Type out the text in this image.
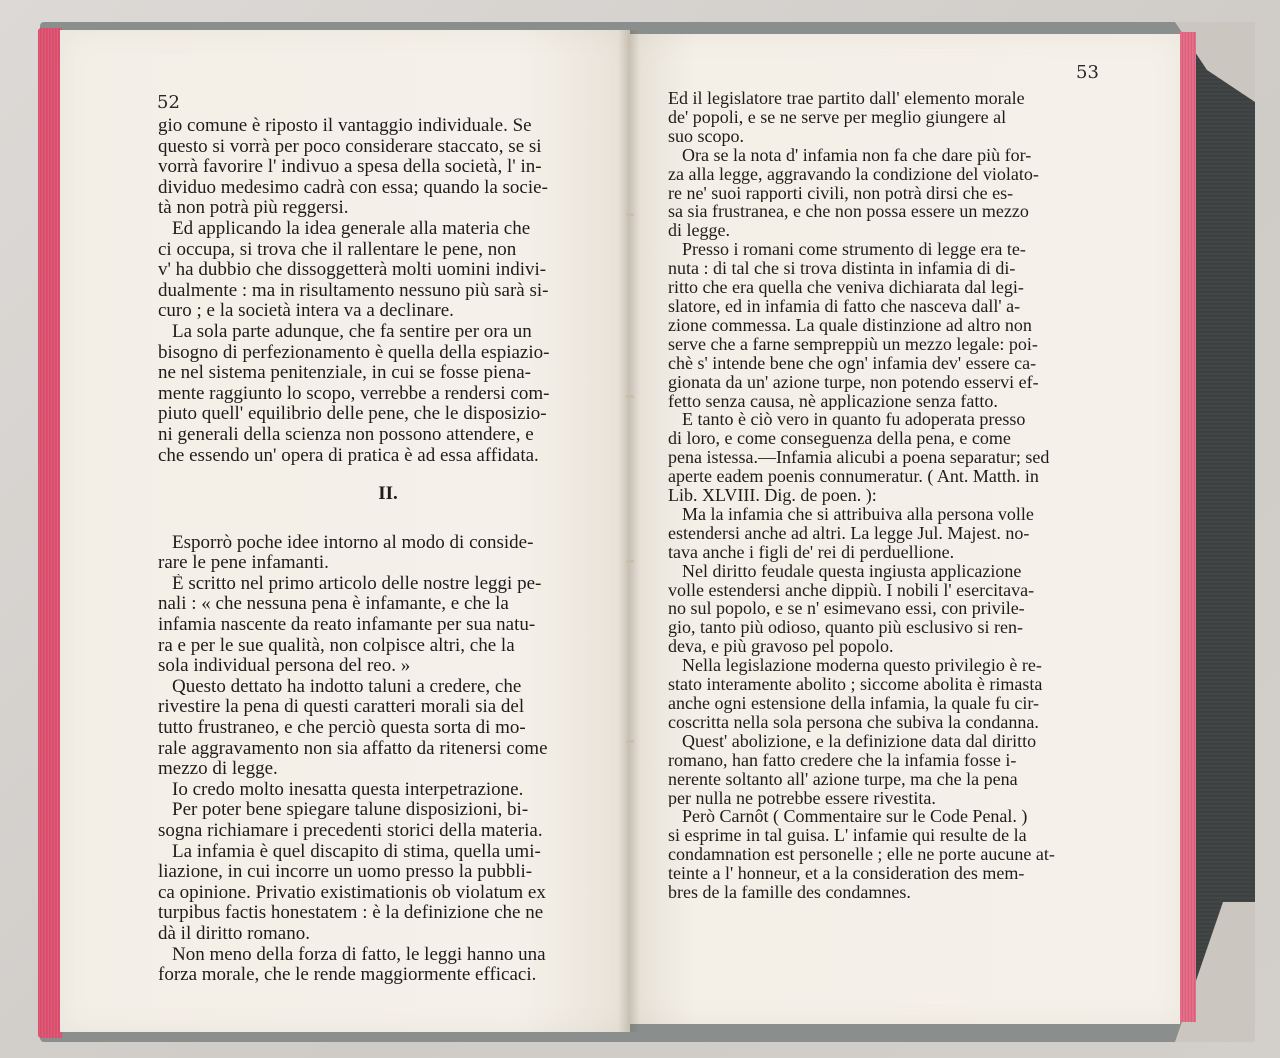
52
53
gio comune è riposto il vantaggio individuale. Se
questo si vorrà per poco considerare staccato, se si
vorrà favorire l' indivuo a spesa della società, l' in-
dividuo medesimo cadrà con essa; quando la socie-
tà non potrà più reggersi.
Ed applicando la idea generale alla materia che
ci occupa, si trova che il rallentare le pene, non
v' ha dubbio che dissoggetterà molti uomini indivi-
dualmente : ma in risultamento nessuno più sarà si-
curo ; e la società intera va a declinare.
La sola parte adunque, che fa sentire per ora un
bisogno di perfezionamento è quella della espiazio-
ne nel sistema penitenziale, in cui se fosse piena-
mente raggiunto lo scopo, verrebbe a rendersi com-
piuto quell' equilibrio delle pene, che le disposizio-
ni generali della scienza non possono attendere, e
che essendo un' opera di pratica è ad essa affidata.
II.
Esporrò poche idee intorno al modo di conside-
rare le pene infamanti.
È scritto nel primo articolo delle nostre leggi pe-
nali : « che nessuna pena è infamante, e che la
infamia nascente da reato infamante per sua natu-
ra e per le sue qualità, non colpisce altri, che la
sola individual persona del reo. »
Questo dettato ha indotto taluni a credere, che
rivestire la pena di questi caratteri morali sia del
tutto frustraneo, e che perciò questa sorta di mo-
rale aggravamento non sia affatto da ritenersi come
mezzo di legge.
Io credo molto inesatta questa interpetrazione.
Per poter bene spiegare talune disposizioni, bi-
sogna richiamare i precedenti storici della materia.
La infamia è quel discapito di stima, quella umi-
liazione, in cui incorre un uomo presso la pubbli-
ca opinione. Privatio existimationis ob violatum ex
turpibus factis honestatem : è la definizione che ne
dà il diritto romano.
Non meno della forza di fatto, le leggi hanno una
forza morale, che le rende maggiormente efficaci.
Ed il legislatore trae partito dall' elemento morale
de' popoli, e se ne serve per meglio giungere al
suo scopo.
Ora se la nota d' infamia non fa che dare più for-
za alla legge, aggravando la condizione del violato-
re ne' suoi rapporti civili, non potrà dirsi che es-
sa sia frustranea, e che non possa essere un mezzo
di legge.
Presso i romani come strumento di legge era te-
nuta : di tal che si trova distinta in infamia di di-
ritto che era quella che veniva dichiarata dal legi-
slatore, ed in infamia di fatto che nasceva dall' a-
zione commessa. La quale distinzione ad altro non
serve che a farne sempreppiù un mezzo legale: poi-
chè s' intende bene che ogn' infamia dev' essere ca-
gionata da un' azione turpe, non potendo esservi ef-
fetto senza causa, nè applicazione senza fatto.
E tanto è ciò vero in quanto fu adoperata presso
di loro, e come conseguenza della pena, e come
pena istessa.—Infamia alicubi a poena separatur; sed
aperte eadem poenis connumeratur. ( Ant. Matth. in
Lib. XLVIII. Dig. de poen. ):
Ma la infamia che si attribuiva alla persona volle
estendersi anche ad altri. La legge Jul. Majest. no-
tava anche i figli de' rei di perduellione.
Nel diritto feudale questa ingiusta applicazione
volle estendersi anche dippiù. I nobili l' esercitava-
no sul popolo, e se n' esimevano essi, con privile-
gio, tanto più odioso, quanto più esclusivo si ren-
deva, e più gravoso pel popolo.
Nella legislazione moderna questo privilegio è re-
stato interamente abolito ; siccome abolita è rimasta
anche ogni estensione della infamia, la quale fu cir-
coscritta nella sola persona che subiva la condanna.
Quest' abolizione, e la definizione data dal diritto
romano, han fatto credere che la infamia fosse i-
nerente soltanto all' azione turpe, ma che la pena
per nulla ne potrebbe essere rivestita.
Però Carnôt ( Commentaire sur le Code Penal. )
si esprime in tal guisa. L' infamie qui resulte de la
condamnation est personelle ; elle ne porte aucune at-
teinte a l' honneur, et a la consideration des mem-
bres de la famille des condamnes.
